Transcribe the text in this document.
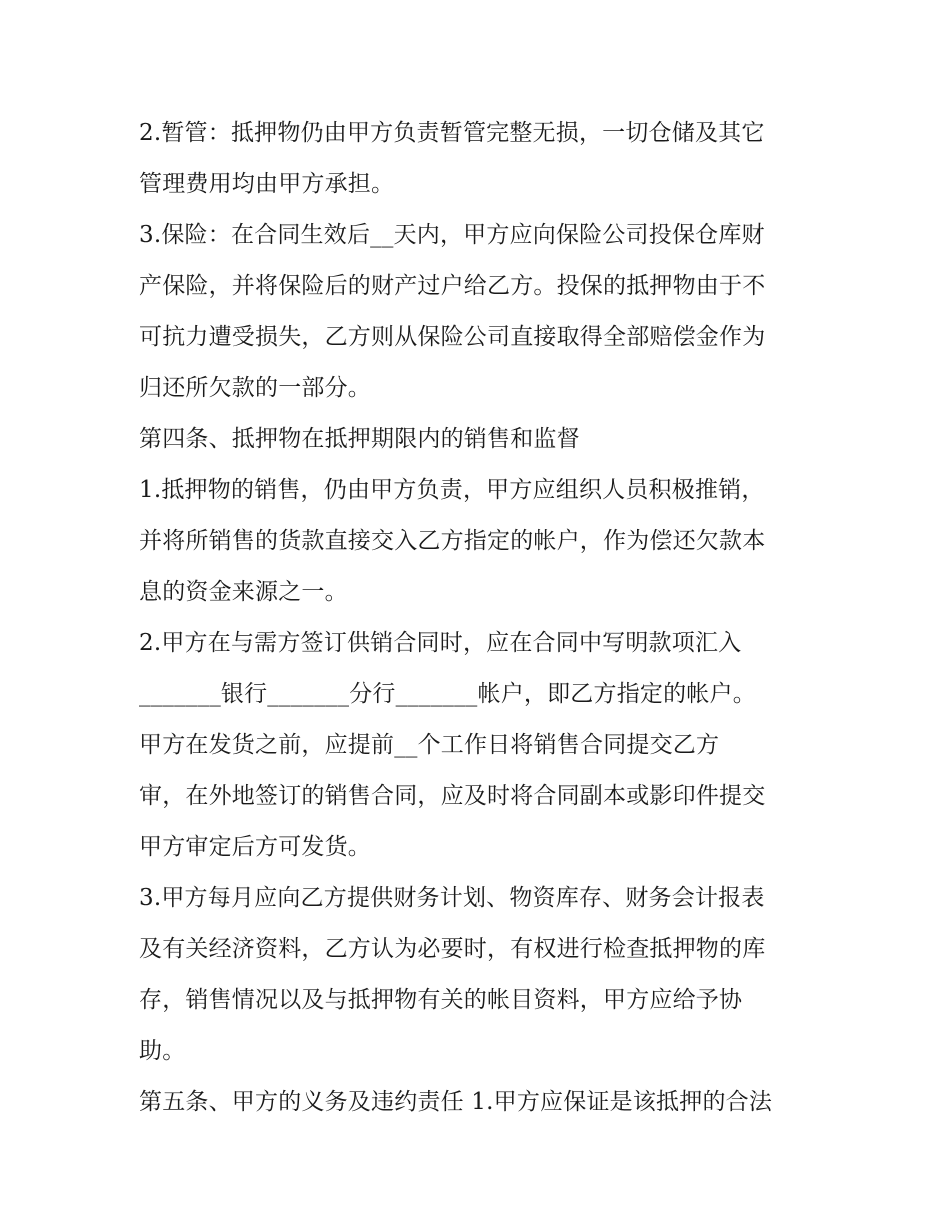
2.暂管：抵押物仍由甲方负责暂管完整无损，一切仓储及其它
管理费用均由甲方承担。
3.保险：在合同生效后__天内，甲方应向保险公司投保仓库财
产保险，并将保险后的财产过户给乙方。投保的抵押物由于不
可抗力遭受损失，乙方则从保险公司直接取得全部赔偿金作为
归还所欠款的一部分。
第四条、抵押物在抵押期限内的销售和监督
1.抵押物的销售，仍由甲方负责，甲方应组织人员积极推销，
并将所销售的货款直接交入乙方指定的帐户，作为偿还欠款本
息的资金来源之一。
2.甲方在与需方签订供销合同时，应在合同中写明款项汇入
_______银行_______分行_______帐户，即乙方指定的帐户。
甲方在发货之前，应提前__个工作日将销售合同提交乙方
审，在外地签订的销售合同，应及时将合同副本或影印件提交
甲方审定后方可发货。
3.甲方每月应向乙方提供财务计划、物资库存、财务会计报表
及有关经济资料，乙方认为必要时，有权进行检查抵押物的库
存，销售情况以及与抵押物有关的帐目资料，甲方应给予协
助。
第五条、甲方的义务及违约责任 1.甲方应保证是该抵押的合法
